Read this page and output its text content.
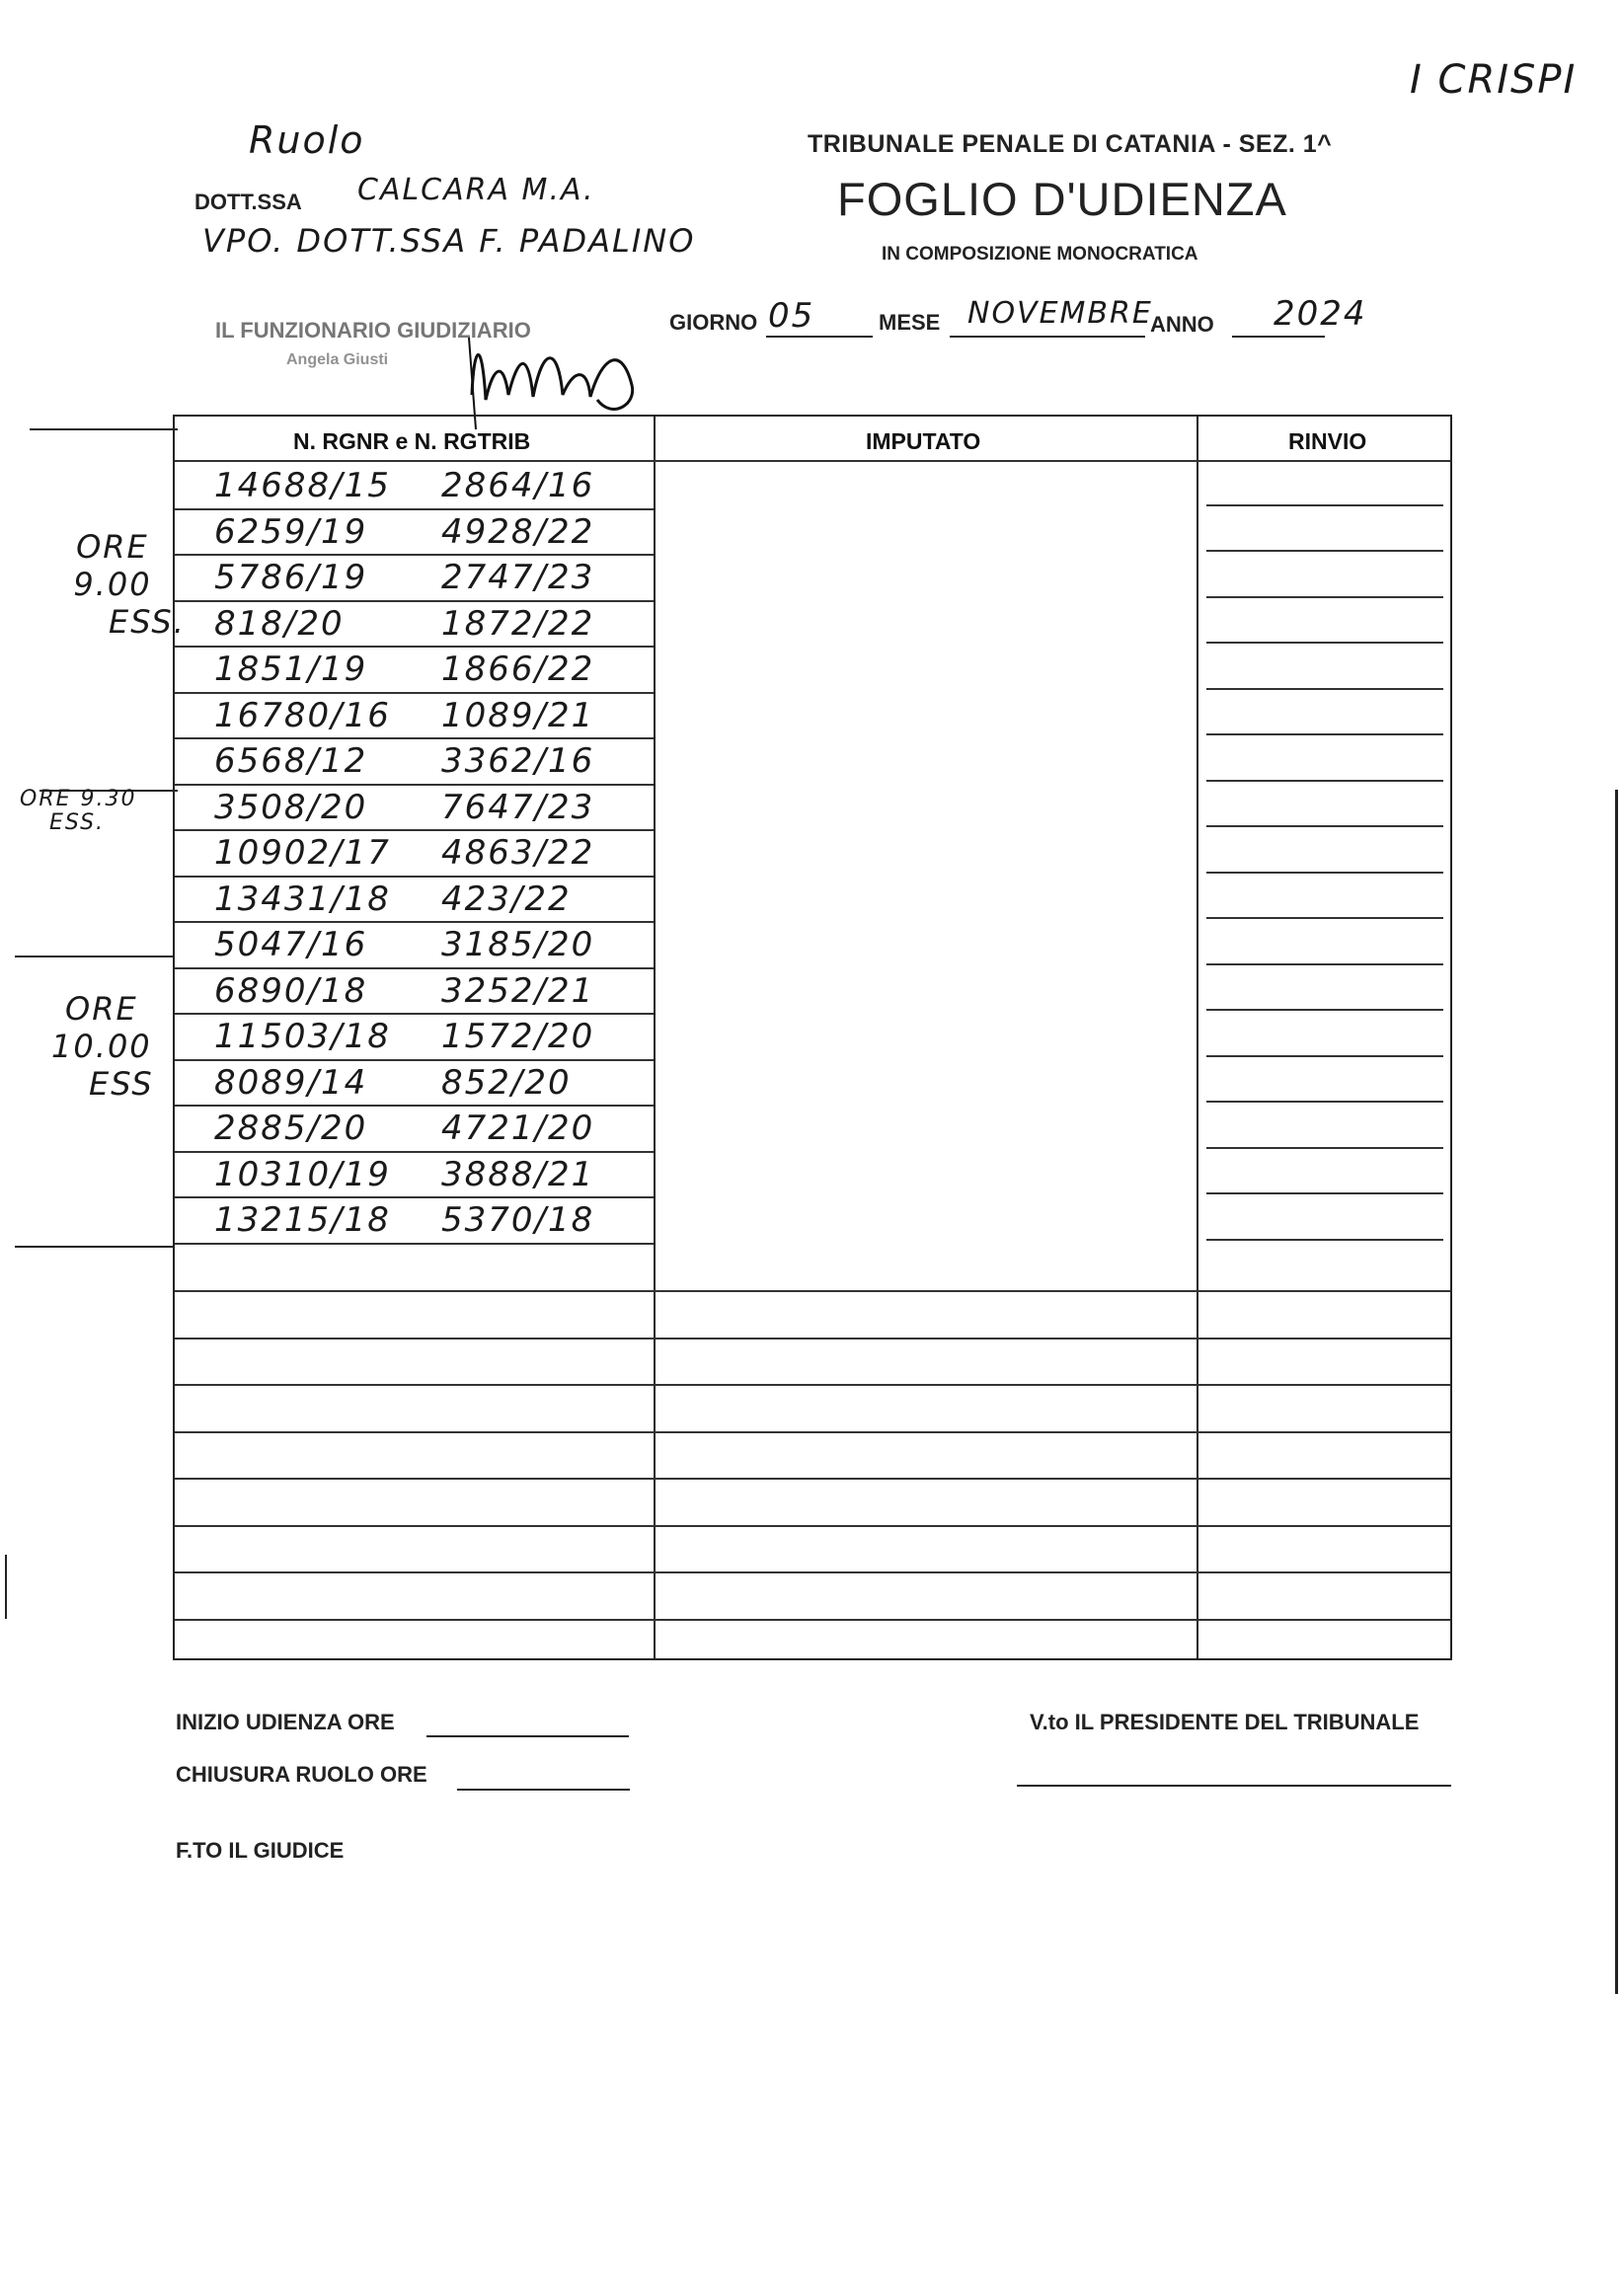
TRIBUNALE PENALE DI CATANIA - SEZ. 1^
FOGLIO D'UDIENZA
IN COMPOSIZIONE MONOCRATICA
Ruolo
DOTT.SSA CALCARA M.A.
VPO. DOTT.SSA F. PADALINO
IL FUNZIONARIO GIUDIZIARIO
Angela Giusti
I CRISPI
GIORNO 05	MESE NOVEMBRE
ANNO 2024
ORE
9.00
ESS.
ORE 9.30
ESS.
ORE
10.00
ESS
N. RGNR e N. RGTRIB	IMPUTATO	RINVIO
14688/15 2864/16
6259/19 4928/22
5786/19 2747/23
818/20	1872/22
1851/19 1866/22
16780/16 1089/21
6568/12 3362/16
3508/20 7647/23
10902/17 4863/22
13431/18 423/22
5047/16 3185/20
6890/18 3252/21
11503/18 1572/20
8089/14 852/20
2885/20 4721/20
10310/19 3888/21
13215/18 5370/18
INIZIO UDIENZA ORE
CHIUSURA RUOLO ORE
F.TO IL GIUDICE
V.to IL PRESIDENTE DEL TRIBUNALE
